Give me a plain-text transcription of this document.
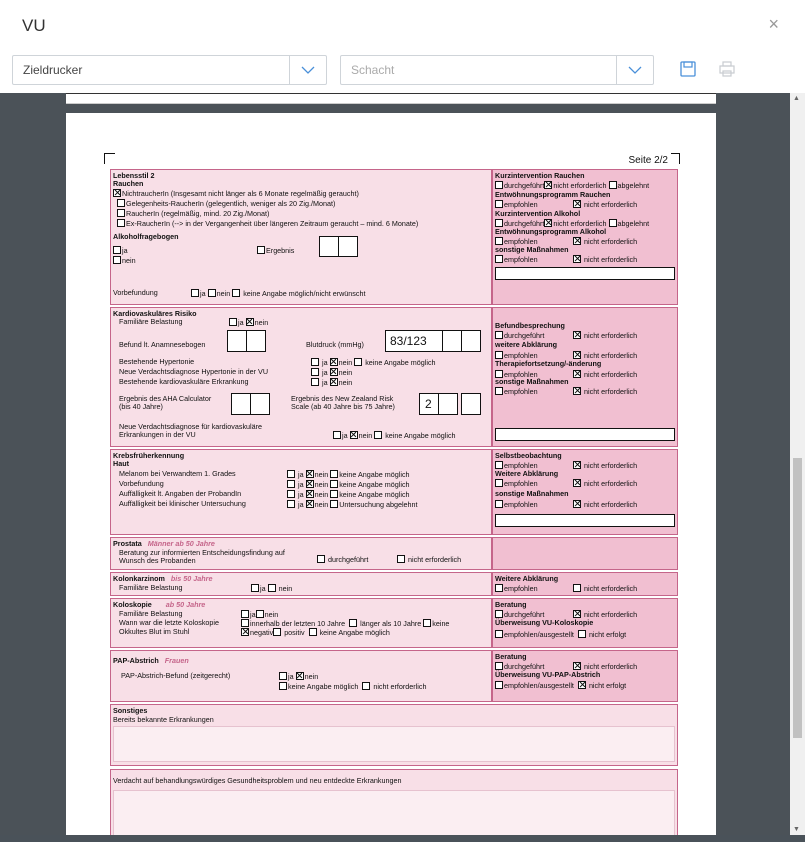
VU	×
Zieldrucker	Schacht
Seite 2/2
Lebensstil 2
Rauchen
NichtraucherIn (Insgesamt nicht länger als 6 Monate regelmäßig geraucht)
Gelegenheits-RaucherIn (gelegentlich, weniger als 20 Zig./Monat)
RaucherIn (regelmäßig, mind. 20 Zig./Monat)
Ex-RaucherIn (--> in der Vergangenheit über längeren Zeitraum geraucht – mind. 6 Monate)
Alkoholfragebogen
ja
nein
Ergebnis
Vorbefundung	ja nein keine Angabe möglich/nicht erwünscht
Kurzintervention Rauchen
durchgeführt nicht erforderlich abgelehnt
Entwöhnungsprogramm Rauchen
empfohlen	nicht erforderlich
Kurzintervention Alkohol
durchgeführt nicht erforderlich abgelehnt
Entwöhnungsprogramm Alkohol
empfohlen	nicht erforderlich
sonstige Maßnahmen
empfohlen	nicht erforderlich
Kardiovaskuläres Risiko
Familiäre Belastung	ja nein
Befund lt. Anamnesebogen	Blutdruck (mmHg) 83/123
Bestehende Hypertonie	ja nein keine Angabe möglich
Neue Verdachtsdiagnose Hypertonie in der VU	ja nein
Bestehende kardiovaskuläre Erkrankung	ja nein
Ergebnis des AHA Calculator
(bis 40 Jahre)
Ergebnis des New Zealand Risk
Scale (ab 40 Jahre bis 75 Jahre)	2
Neue Verdachtsdiagnose für kardiovaskuläre
Erkrankungen in der VU	ja nein keine Angabe möglich
Befundbesprechung
durchgeführt	nicht erforderlich
weitere Abklärung
empfohlen	nicht erforderlich
Therapiefortsetzung/-änderung
empfohlen	nicht erforderlich
sonstige Maßnahmen
empfohlen	nicht erforderlich
Krebsfrüherkennung
Haut
Melanom bei Verwandtem 1. Grades	ja nein keine Angabe möglich
Vorbefundung	ja nein keine Angabe möglich
Auffälligkeit lt. Angaben der ProbandIn	ja nein keine Angabe möglich
Auffälligkeit bei klinischer Untersuchung	ja nein Untersuchung abgelehnt
Selbstbeobachtung
empfohlen	nicht erforderlich
Weitere Abklärung
empfohlen	nicht erforderlich
sonstige Maßnahmen
empfohlen	nicht erforderlich
Prostata Männer ab 50 Jahre
Beratung zur informierten Entscheidungsfindung auf
Wunsch des Probanden	durchgeführt	nicht erforderlich
Kolonkarzinom bis 50 Jahre
Familiäre Belastung	ja nein
Weitere Abklärung
empfohlen	nicht erforderlich
Koloskopie ab 50 Jahre
Familiäre Belastung	ja nein
Wann war die letzte Koloskopie	innerhalb der letzten 10 Jahre länger als 10 Jahre keine
Okkultes Blut im Stuhl	negativ positiv keine Angabe möglich
Beratung
durchgeführt	nicht erforderlich
Überweisung VU-Koloskopie
empfohlen/ausgestellt nicht erfolgt
PAP-Abstrich Frauen
PAP-Abstrich-Befund (zeitgerecht)	ja nein
keine Angabe möglich nicht erforderlich
Beratung
durchgeführt	nicht erforderlich
Überweisung VU-PAP-Abstrich
empfohlen/ausgestellt nicht erfolgt
Sonstiges
Bereits bekannte Erkrankungen
Verdacht auf behandlungswürdiges Gesundheitsproblem und neu entdeckte Erkrankungen
▲
▼
